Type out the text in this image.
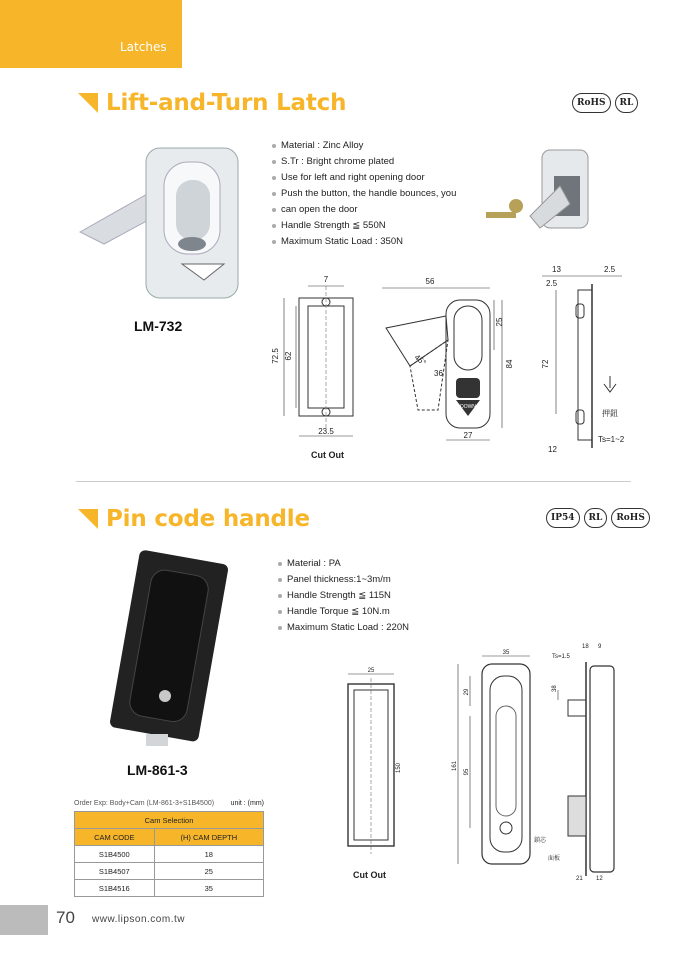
Latches
Lift-and-Turn Latch	RoHS	RL
Material : Zinc Alloy
S.Tr : Bright chrome plated
Use for left and right opening door
Push the button, the handle bounces, you
can open the door
Handle Strength ≦ 550N
Maximum Static Load : 350N
LM-732
7
72.5 62
23.5
Cut Out
56
DOWN
45°
36
84
25
27
13	2.5
2.5
72
押鈕
Ts=1~2
12
Pin code handle	IP54	RL	RoHS
Material : PA
Panel thickness:1~3m/m
Handle Strength ≦ 115N
Handle Torque ≦ 10N.m
Maximum Static Load : 220N
LM-861-3
Order Exp: Body+Cam (LM-861-3+S1B4500) unit : (mm)
Cam Selection	
CAM CODE	(H) CAM DEPTH
S1B4500	18
S1B4507	25
S1B4516	35
25
150
Cut Out
35
161
29
95
鎖芯
18 9
Ts=1.5
38
面板
21 12
70 www.lipson.com.tw
